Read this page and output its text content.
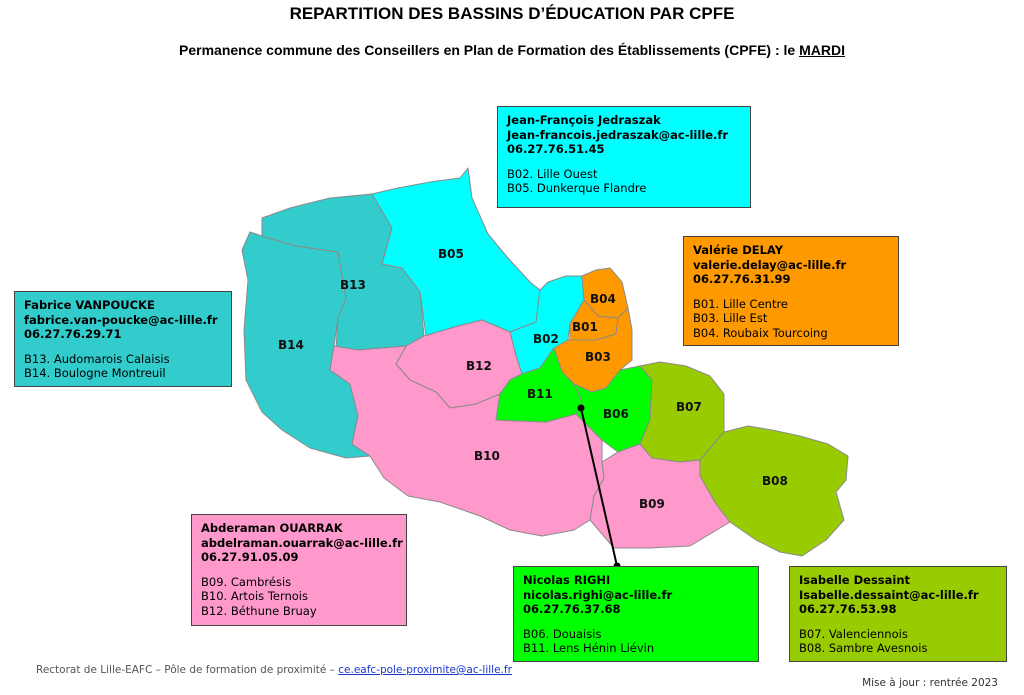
REPARTITION DES BASSINS D’ÉDUCATION PAR CPFE
Permanence commune des Conseillers en Plan de Formation des Établissements (CPFE) : le MARDI
B05
B13
B14
B04
B01
B02
B03
B12
B11
B06	B07
B10
B08
B09
Jean-François Jedraszak
Jean-francois.jedraszak@ac-lille.fr
06.27.76.51.45
B02. Lille Ouest
B05. Dunkerque Flandre
Valérie DELAY
valerie.delay@ac-lille.fr
06.27.76.31.99
B01. Lille Centre
B03. Lille Est
B04. Roubaix Tourcoing
Fabrice VANPOUCKE
fabrice.van-poucke@ac-lille.fr
06.27.76.29.71
B13. Audomarois Calaisis
B14. Boulogne Montreuil
Abderaman OUARRAK
abdelraman.ouarrak@ac-lille.fr
06.27.91.05.09
B09. Cambrésis
B10. Artois Ternois
B12. Béthune Bruay
Nicolas RIGHI
nicolas.righi@ac-lille.fr
06.27.76.37.68
B06. Douaisis
B11. Lens Hénin Liévin
Isabelle Dessaint
Isabelle.dessaint@ac-lille.fr
06.27.76.53.98
B07. Valenciennois
B08. Sambre Avesnois
Rectorat de Lille-EAFC – Pôle de formation de proximité – ce.eafc-pole-proximite@ac-lille.fr
Mise à jour : rentrée 2023
